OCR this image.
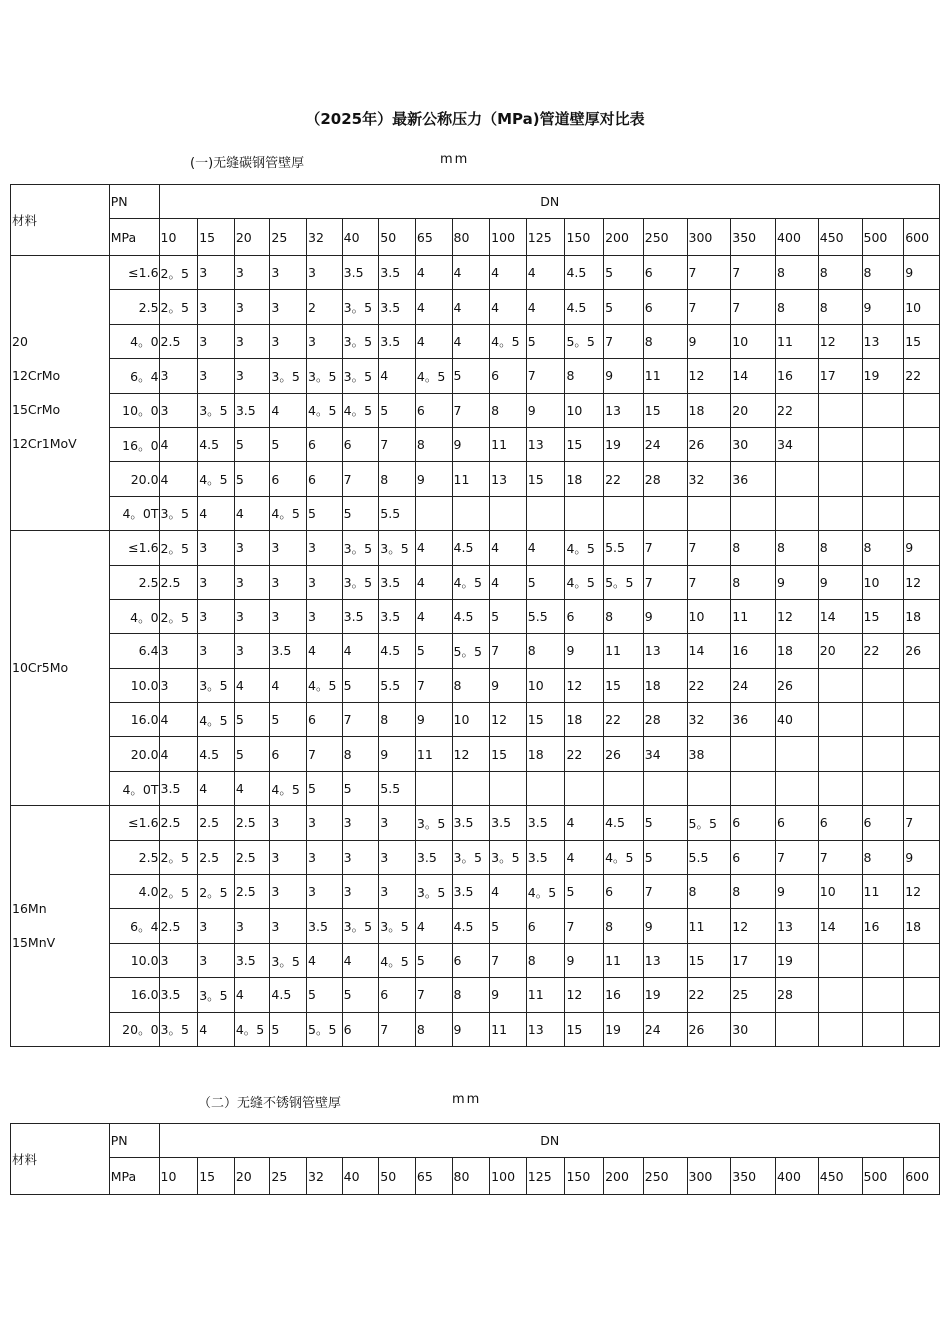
（2025年）最新公称压力（MPa)管道壁厚对比表
(一)无缝碳钢管壁厚	mm
材料	PN	DN																			
	MPa	10	15	20	25	32	40	50	65	80	100	125	150	200	250	300	350	400	450	500	600

20
12CrMo
15CrMo
12Cr1MoV	≤1.6	2。5	3	3	3	3	3.5	3.5	4	4	4	4	4.5	5	6	7	7	8	8	8	9
	2.5	2。5	3	3	3	2	3。5	3.5	4	4	4	4	4.5	5	6	7	7	8	8	9	10
	4。0	2.5	3	3	3	3	3。5	3.5	4	4	4。5	5	5。5	7	8	9	10	11	12	13	15
	6。4	3	3	3	3。5	3。5	3。5	4	4。5	5	6	7	8	9	11	12	14	16	17	19	22
	10。0	3	3。5	3.5	4	4。5	4。5	5	6	7	8	9	10	13	15	18	20	22			
	16。0	4	4.5	5	5	6	6	7	8	9	11	13	15	19	24	26	30	34			
	20.0	4	4。5	5	6	6	7	8	9	11	13	15	18	22	28	32	36				
	4。0T	3。5	4	4	4。5	5	5	5.5													

10Cr5Mo	≤1.6	2。5	3	3	3	3	3。5	3。5	4	4.5	4	4	4。5	5.5	7	7	8	8	8	8	9
	2.5	2.5	3	3	3	3	3。5	3.5	4	4。5	4	5	4。5	5。5	7	7	8	9	9	10	12
	4。0	2。5	3	3	3	3	3.5	3.5	4	4.5	5	5.5	6	8	9	10	11	12	14	15	18
	6.4	3	3	3	3.5	4	4	4.5	5	5。5	7	8	9	11	13	14	16	18	20	22	26
	10.0	3	3。5	4	4	4。5	5	5.5	7	8	9	10	12	15	18	22	24	26			
	16.0	4	4。5	5	5	6	7	8	9	10	12	15	18	22	28	32	36	40			
	20.0	4	4.5	5	6	7	8	9	11	12	15	18	22	26	34	38					
	4。0T	3.5	4	4	4。5	5	5	5.5													

16Mn
15MnV	≤1.6	2.5	2.5	2.5	3	3	3	3	3。5	3.5	3.5	3.5	4	4.5	5	5。5	6	6	6	6	7
	2.5	2。5	2.5	2.5	3	3	3	3	3.5	3。5	3。5	3.5	4	4。5	5	5.5	6	7	7	8	9
	4.0	2。5	2。5	2.5	3	3	3	3	3。5	3.5	4	4。5	5	6	7	8	8	9	10	11	12
	6。4	2.5	3	3	3	3.5	3。5	3。5	4	4.5	5	6	7	8	9	11	12	13	14	16	18
	10.0	3	3	3.5	3。5	4	4	4。5	5	6	7	8	9	11	13	15	17	19			
	16.0	3.5	3。5	4	4.5	5	5	6	7	8	9	11	12	16	19	22	25	28			
	20。0	3。5	4	4。5	5	5。5	6	7	8	9	11	13	15	19	24	26	30				
（二）无缝不锈钢管壁厚	mm
材料	PN	DN																			
	MPa	10	15	20	25	32	40	50	65	80	100	125	150	200	250	300	350	400	450	500	600
